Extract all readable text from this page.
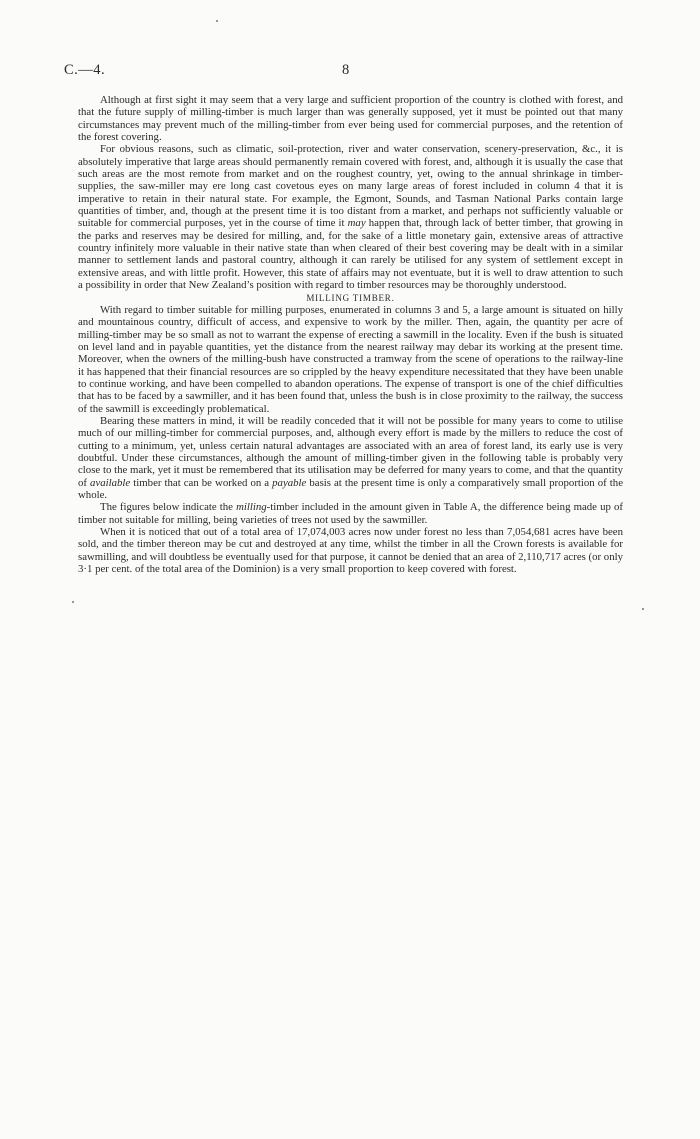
C.—4.	8

Although at first sight it may seem that a very large and sufficient proportion of the country is clothed with forest, and that the future supply of milling-timber is much larger than was generally supposed, yet it must be pointed out that many circumstances may prevent much of the milling-timber from ever being used for commercial purposes, and the retention of the forest covering.

For obvious reasons, such as climatic, soil-protection, river and water conservation, scenery-preservation, &c., it is absolutely imperative that large areas should permanently remain covered with forest, and, although it is usually the case that such areas are the most remote from market and on the roughest country, yet, owing to the annual shrinkage in timber-supplies, the saw-miller may ere long cast covetous eyes on many large areas of forest included in column 4 that it is imperative to retain in their natural state. For example, the Egmont, Sounds, and Tasman National Parks contain large quantities of timber, and, though at the present time it is too distant from a market, and perhaps not sufficiently valuable or suitable for commercial purposes, yet in the course of time it may happen that, through lack of better timber, that growing in the parks and reserves may be desired for milling, and, for the sake of a little monetary gain, extensive areas of attractive country infinitely more valuable in their native state than when cleared of their best covering may be dealt with in a similar manner to settlement lands and pastoral country, although it can rarely be utilised for any system of settlement except in extensive areas, and with little profit. However, this state of affairs may not eventuate, but it is well to draw attention to such a possibility in order that New Zealand’s position with regard to timber resources may be thoroughly understood.

MILLING TIMBER.

With regard to timber suitable for milling purposes, enumerated in columns 3 and 5, a large amount is situated on hilly and mountainous country, difficult of access, and expensive to work by the miller. Then, again, the quantity per acre of milling-timber may be so small as not to warrant the expense of erecting a sawmill in the locality. Even if the bush is situated on level land and in payable quantities, yet the distance from the nearest railway may debar its working at the present time. Moreover, when the owners of the milling-bush have constructed a tramway from the scene of operations to the railway-line it has happened that their financial resources are so crippled by the heavy expenditure necessitated that they have been unable to continue working, and have been compelled to abandon operations. The expense of transport is one of the chief difficulties that has to be faced by a sawmiller, and it has been found that, unless the bush is in close proximity to the railway, the success of the sawmill is exceedingly problematical.

Bearing these matters in mind, it will be readily conceded that it will not be possible for many years to come to utilise much of our milling-timber for commercial purposes, and, although every effort is made by the millers to reduce the cost of cutting to a minimum, yet, unless certain natural advantages are associated with an area of forest land, its early use is very doubtful. Under these circumstances, although the amount of milling-timber given in the following table is probably very close to the mark, yet it must be remembered that its utilisation may be deferred for many years to come, and that the quantity of available timber that can be worked on a payable basis at the present time is only a comparatively small proportion of the whole.

The figures below indicate the milling-timber included in the amount given in Table A, the difference being made up of timber not suitable for milling, being varieties of trees not used by the sawmiller.

When it is noticed that out of a total area of 17,074,003 acres now under forest no less than 7,054,681 acres have been sold, and the timber thereon may be cut and destroyed at any time, whilst the timber in all the Crown forests is available for sawmilling, and will doubtless be eventually used for that purpose, it cannot be denied that an area of 2,110,717 acres (or only 3·1 per cent. of the total area of the Dominion) is a very small proportion to keep covered with forest.
